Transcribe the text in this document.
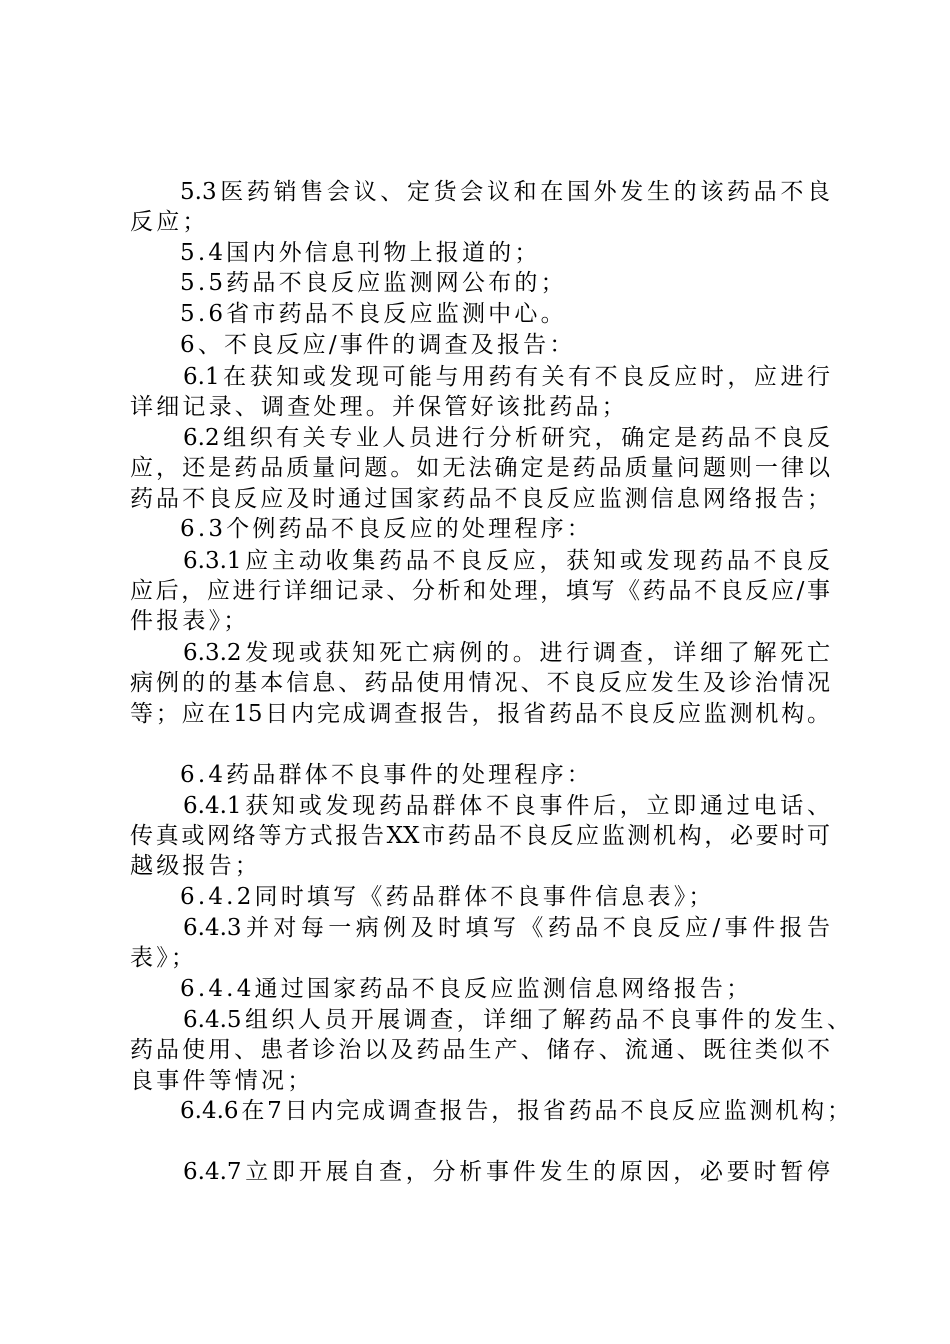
5.3医药销售会议、定货会议和在国外发生的该药品不良
反应；
5.4国内外信息刊物上报道的；
5.5药品不良反应监测网公布的；
5.6省市药品不良反应监测中心。
6、不良反应/事件的调查及报告：
6.1在获知或发现可能与用药有关有不良反应时，应进行
详细记录、调查处理。并保管好该批药品；
6.2组织有关专业人员进行分析研究，确定是药品不良反
应，还是药品质量问题。如无法确定是药品质量问题则一律以
药品不良反应及时通过国家药品不良反应监测信息网络报告；
6.3个例药品不良反应的处理程序：
6.3.1应主动收集药品不良反应，获知或发现药品不良反
应后，应进行详细记录、分析和处理，填写《药品不良反应/事
件报表》；
6.3.2发现或获知死亡病例的。进行调查，详细了解死亡
病例的的基本信息、药品使用情况、不良反应发生及诊治情况
等；应在15日内完成调查报告，报省药品不良反应监测机构。
6.4药品群体不良事件的处理程序：
6.4.1获知或发现药品群体不良事件后，立即通过电话、
传真或网络等方式报告XX市药品不良反应监测机构，必要时可
越级报告；
6.4.2同时填写《药品群体不良事件信息表》；
6.4.3并对每一病例及时填写《药品不良反应/事件报告
表》；
6.4.4通过国家药品不良反应监测信息网络报告；
6.4.5组织人员开展调查，详细了解药品不良事件的发生、
药品使用、患者诊治以及药品生产、储存、流通、既往类似不
良事件等情况；
6.4.6在7日内完成调查报告，报省药品不良反应监测机构；
6.4.7立即开展自查，分析事件发生的原因，必要时暂停
